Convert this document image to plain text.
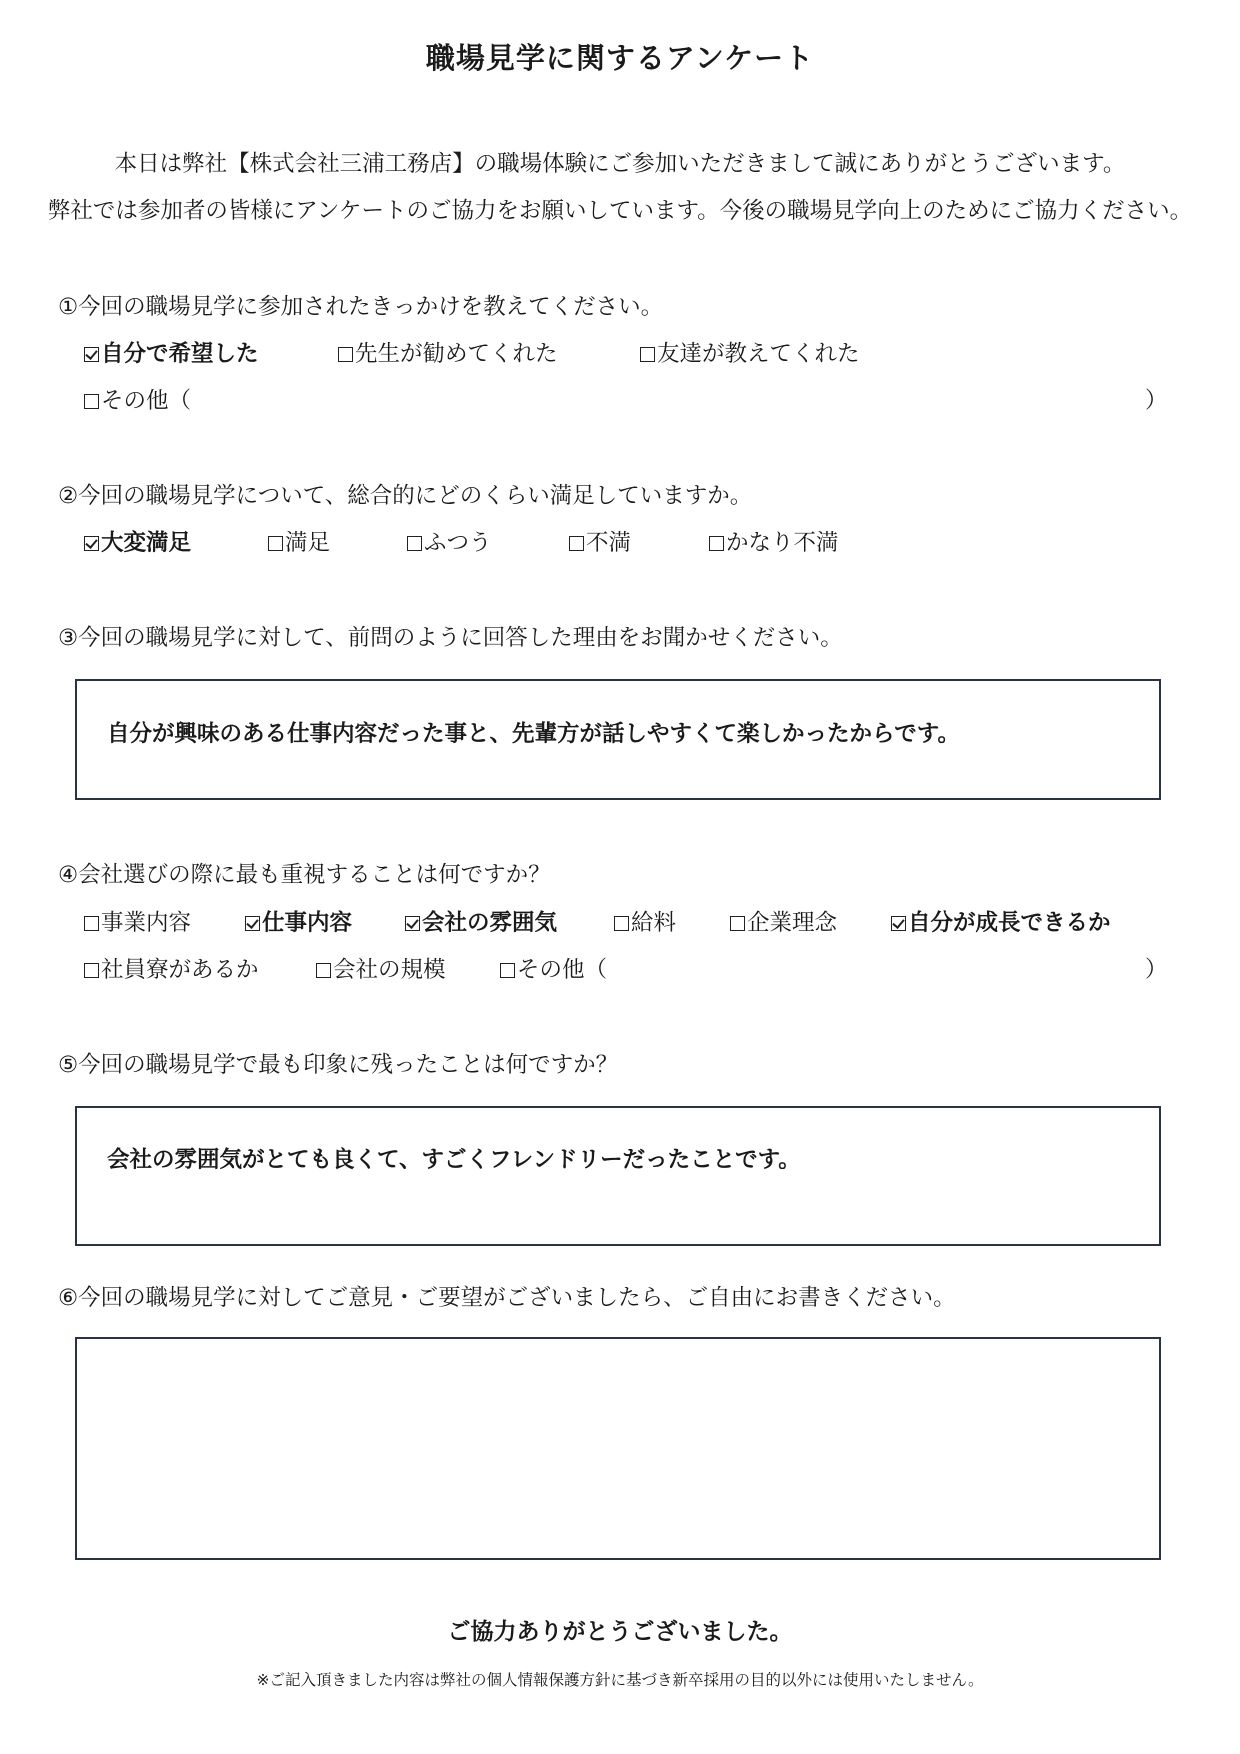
職場見学に関するアンケート
本日は弊社【株式会社三浦工務店】の職場体験にご参加いただきまして誠にありがとうございます。
弊社では参加者の皆様にアンケートのご協力をお願いしています。今後の職場見学向上のためにご協力ください。
①今回の職場見学に参加されたきっかけを教えてください。
自分で希望した	先生が勧めてくれた	友達が教えてくれた
その他（	）
②今回の職場見学について、総合的にどのくらい満足していますか。
大変満足	満足	ふつう	不満	かなり不満
③今回の職場見学に対して、前問のように回答した理由をお聞かせください。
自分が興味のある仕事内容だった事と、先輩方が話しやすくて楽しかったからです。
④会社選びの際に最も重視することは何ですか？
事業内容	仕事内容	会社の雰囲気	給料	企業理念	自分が成長できるか
社員寮があるか	会社の規模	その他（	）
⑤今回の職場見学で最も印象に残ったことは何ですか？
会社の雰囲気がとても良くて、すごくフレンドリーだったことです。
⑥今回の職場見学に対してご意見・ご要望がございましたら、ご自由にお書きください。
ご協力ありがとうございました。
※ご記入頂きました内容は弊社の個人情報保護方針に基づき新卒採用の目的以外には使用いたしません。
